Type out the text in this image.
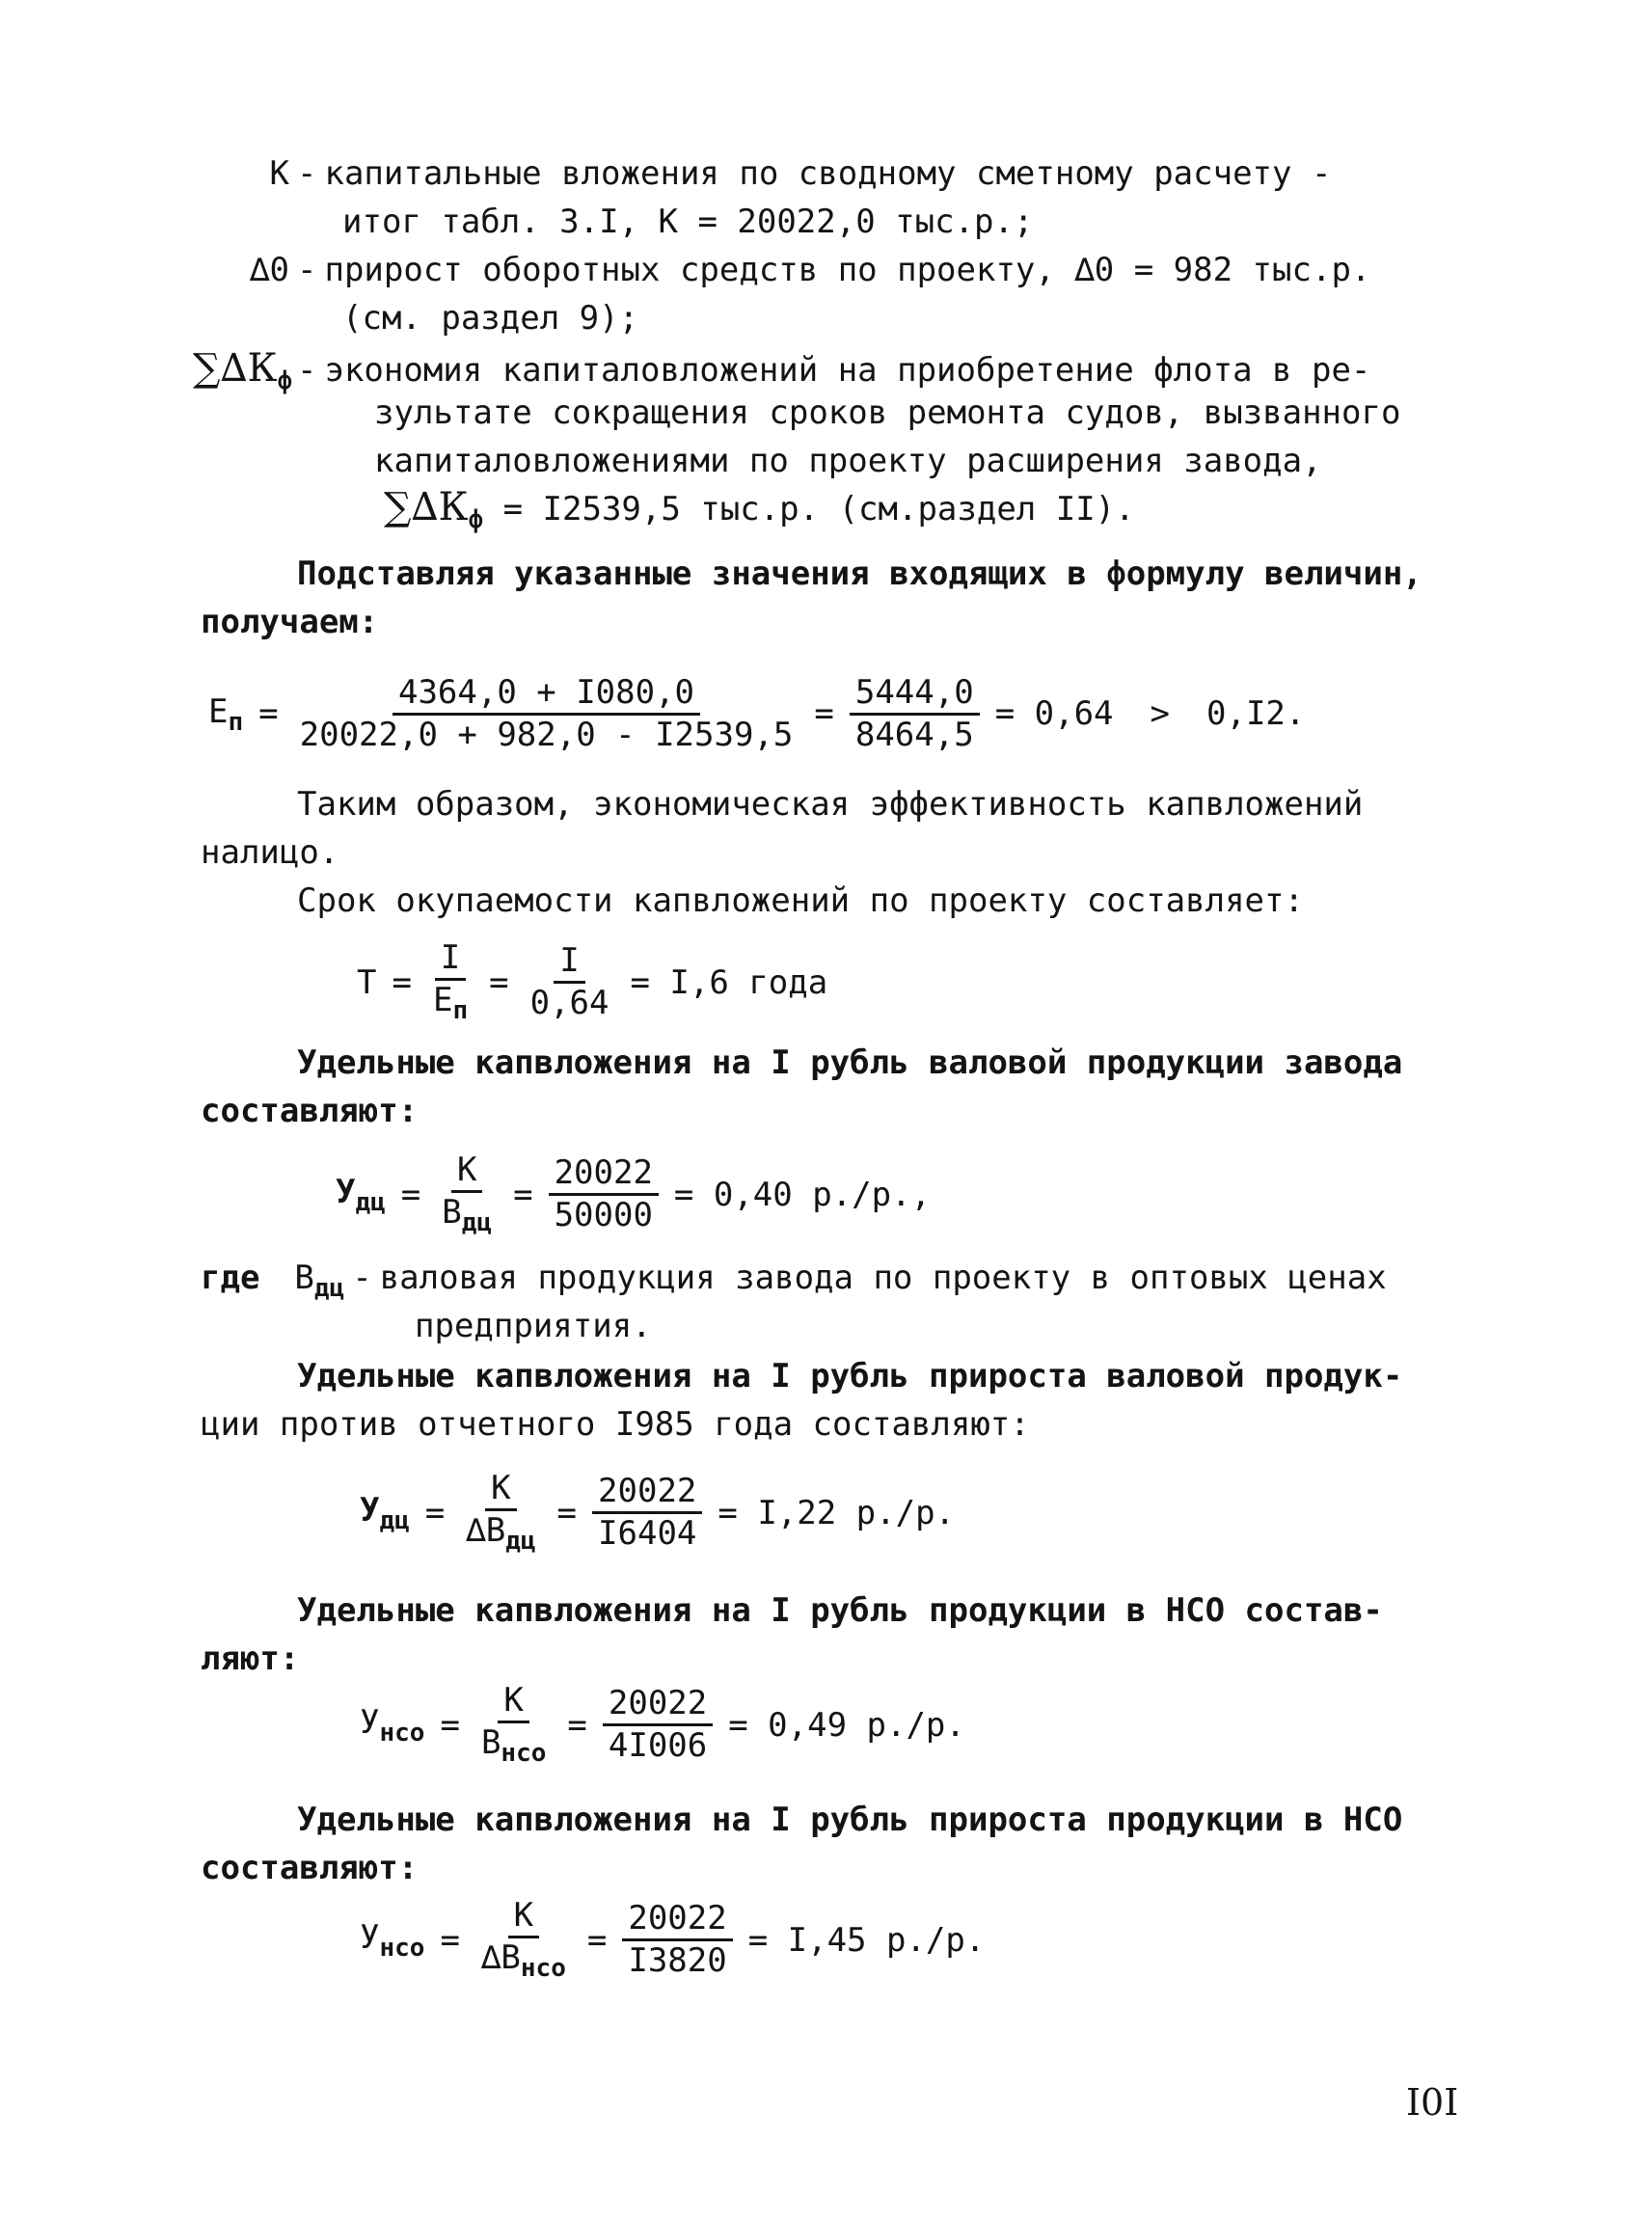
К - капитальные вложения по сводному сметному расчету -
итог табл. 3.I, К = 20022,0 тыс.р.;
∆0 - прирост оборотных средств по проекту, ∆0 = 982 тыс.р.
(см. раздел 9);
$\sum\Delta К_ф$ - экономия капиталовложений на приобретение флота в ре-
зультате сокращения сроков ремонта судов, вызванного
капиталовложениями по проекту расширения завода,
$\sum\Delta К_ф = I2539,5$ тыс.р. (см.раздел II).
Подставляя указанные значения входящих в формулу величин,
получаем:
$Е_п = \frac{4364,0 + I080,0}{20022,0 + 982,0 - I2539,5} = \frac{5444,0}{8464,5} = 0,64 > 0,I2$.
Таким образом, экономическая эффективность капвложений
налицо.
Срок окупаемости капвложений по проекту составляет:
$Т = \frac{I}{Е_п} = \frac{I}{0,64} = I,6$ года
Удельные капвложения на I рубль валовой продукции завода
составляют:
$У_{дц} = \frac{К}{В_{дц}} = \frac{20022}{50000} = 0,40$ р./р.,
где $В_{дц}$ - валовая продукция завода по проекту в оптовых ценах
предприятия.
Удельные капвложения на I рубль прироста валовой продук-
ции против отчетного I985 года составляют:
$У_{дц} = \frac{К}{\Delta В_{дц}} = \frac{20022}{I6404} = I,22$ р./р.
Удельные капвложения на I рубль продукции в НСО состав-
ляют:
$У_{нсо} = \frac{К}{В_{нсо}} = \frac{20022}{4I006} = 0,49$ р./р.
Удельные капвложения на I рубль прироста продукции в НСО
составляют:
$У_{нсо} = \frac{К}{\Delta В_{нсо}} = \frac{20022}{I3820} = I,45$ р./р.
I0I
